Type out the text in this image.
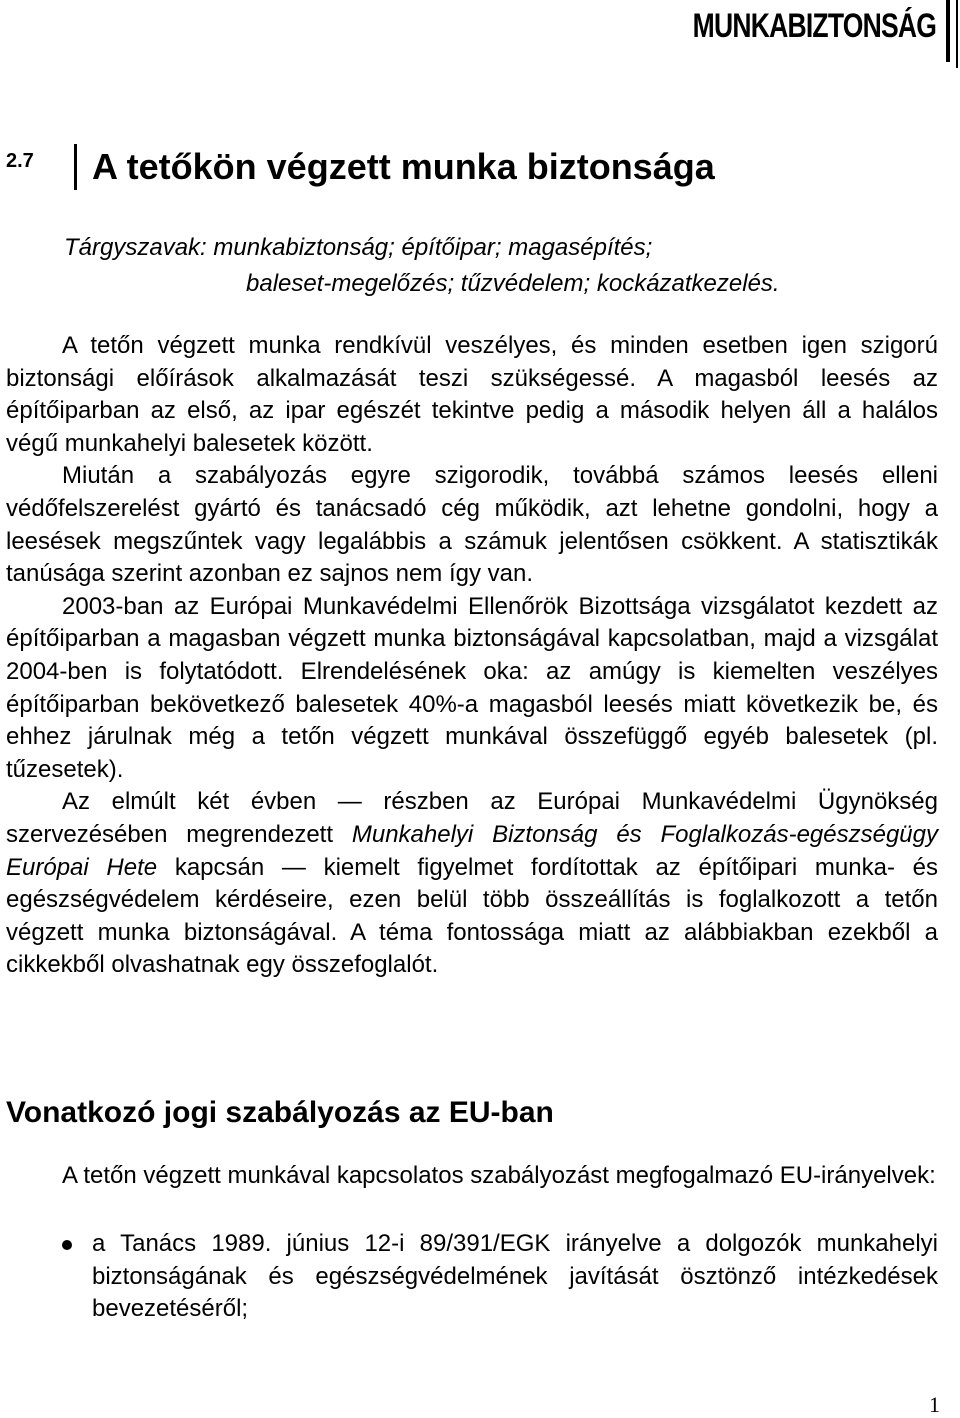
MUNKABIZTONSÁG
2.7 A tetőkön végzett munka biztonsága
Tárgyszavak: munkabiztonság; építőipar; magasépítés;
baleset-megelőzés; tűzvédelem; kockázatkezelés.

A tetőn végzett munka rendkívül veszélyes, és minden esetben igen szigorú biztonsági előírások alkalmazását teszi szükségessé. A magasból leesés az építőiparban az első, az ipar egészét tekintve pedig a második helyen áll a halálos végű munkahelyi balesetek között.

Miután a szabályozás egyre szigorodik, továbbá számos leesés elleni védőfelszerelést gyártó és tanácsadó cég működik, azt lehetne gondolni, hogy a leesések megszűntek vagy legalábbis a számuk jelentősen csökkent. A statisztikák tanúsága szerint azonban ez sajnos nem így van.

2003-ban az Európai Munkavédelmi Ellenőrök Bizottsága vizsgálatot kezdett az építőiparban a magasban végzett munka biztonságával kapcsolatban, majd a vizsgálat 2004-ben is folytatódott. Elrendelésének oka: az amúgy is kiemelten veszélyes építőiparban bekövetkező balesetek 40%-a magasból leesés miatt következik be, és ehhez járulnak még a tetőn végzett munkával összefüggő egyéb balesetek (pl. tűzesetek).

Az elmúlt két évben — részben az Európai Munkavédelmi Ügynökség szervezésében megrendezett Munkahelyi Biztonság és Foglalkozás-egészségügy Európai Hete kapcsán — kiemelt figyelmet fordítottak az építőipari munka- és egészségvédelem kérdéseire, ezen belül több összeállítás is foglalkozott a tetőn végzett munka biztonságával. A téma fontossága miatt az alábbiakban ezekből a cikkekből olvashatnak egy összefoglalót.

Vonatkozó jogi szabályozás az EU-ban
A tetőn végzett munkával kapcsolatos szabályozást megfogalmazó EU-irányelvek:
a Tanács 1989. június 12-i 89/391/EGK irányelve a dolgozók munkahelyi biztonságának és egészségvédelmének javítását ösztönző intézkedések bevezetéséről;
1
